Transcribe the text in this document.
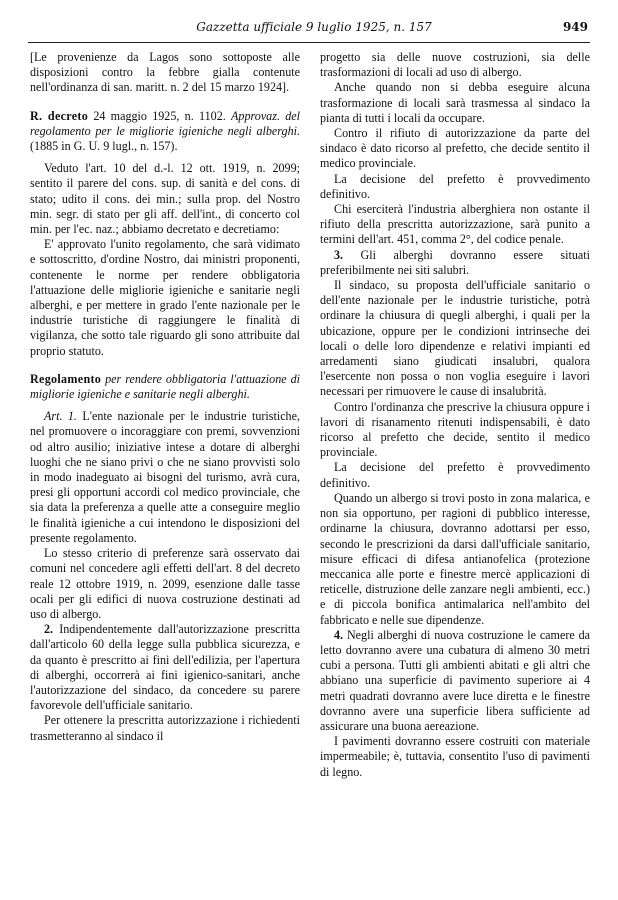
Gazzetta ufficiale 9 luglio 1925, n. 157	949

[Le provenienze da Lagos sono sottoposte alle disposizioni contro la febbre gialla contenute nell'ordinanza di san. maritt. n. 2 del 15 marzo 1924].

R. decreto 24 maggio 1925, n. 1102. Approvaz. del regolamento per le migliorie igieniche negli alberghi. (1885 in G. U. 9 lugl., n. 157).

Veduto l'art. 10 del d.-l. 12 ott. 1919, n. 2099; sentito il parere del cons. sup. di sanità e del cons. di stato; udito il cons. dei min.; sulla prop. del Nostro min. segr. di stato per gli aff. dell'int., di concerto col min. per l'ec. naz.; abbiamo decretato e decretiamo:

E' approvato l'unito regolamento, che sarà vidimato e sottoscritto, d'ordine Nostro, dai ministri proponenti, contenente le norme per rendere obbligatoria l'attuazione delle migliorie igieniche e sanitarie negli alberghi, e per mettere in grado l'ente nazionale per le industrie turistiche di raggiungere le finalità di vigilanza, che sotto tale riguardo gli sono attribuite dal proprio statuto.

Regolamento per rendere obbligatoria l'attuazione di migliorie igieniche e sanitarie negli alberghi.

Art. 1. L'ente nazionale per le industrie turistiche, nel promuovere o incoraggiare con premi, sovvenzioni od altro ausilio; iniziative intese a dotare di alberghi luoghi che ne siano privi o che ne siano provvisti solo in modo inadeguato ai bisogni del turismo, avrà cura, presi gli opportuni accordi col medico provinciale, che sia data la preferenza a quelle atte a conseguire meglio le finalità igieniche a cui intendono le disposizioni del presente regolamento.

Lo stesso criterio di preferenze sarà osservato dai comuni nel concedere agli effetti dell'art. 8 del decreto reale 12 ottobre 1919, n. 2099, esenzione dalle tasse ocali per gli edifici di nuova costruzione destinati ad uso di albergo.

2. Indipendentemente dall'autorizzazione prescritta dall'articolo 60 della legge sulla pubblica sicurezza, e da quanto è prescritto ai fini dell'edilizia, per l'apertura di alberghi, occorrerà ai fini igienico-sanitari, anche l'autorizzazione del sindaco, da concedere su parere favorevole dell'ufficiale sanitario.

Per ottenere la prescritta autorizzazione i richiedenti trasmetteranno al sindaco il

progetto sia delle nuove costruzioni, sia delle trasformazioni di locali ad uso di albergo.

Anche quando non si debba eseguire alcuna trasformazione di locali sarà trasmessa al sindaco la pianta di tutti i locali da occupare.

Contro il rifiuto di autorizzazione da parte del sindaco è dato ricorso al prefetto, che decide sentito il medico provinciale.

La decisione del prefetto è provvedimento definitivo.

Chi eserciterà l'industria alberghiera non ostante il rifiuto della prescritta autorizzazione, sarà punito a termini dell'art. 451, comma 2°, del codice penale.

3. Gli alberghi dovranno essere situati preferibilmente nei siti salubri.

Il sindaco, su proposta dell'ufficiale sanitario o dell'ente nazionale per le industrie turistiche, potrà ordinare la chiusura di quegli alberghi, i quali per la ubicazione, oppure per le condizioni intrinseche dei locali o delle loro dipendenze e relativi impianti ed arredamenti siano giudicati insalubri, qualora l'esercente non possa o non voglia eseguire i lavori necessari per rimuovere le cause di insalubrità.

Contro l'ordinanza che prescrive la chiusura oppure i lavori di risanamento ritenuti indispensabili, è dato ricorso al prefetto che decide, sentito il medico provinciale.

La decisione del prefetto è provvedimento definitivo.

Quando un albergo si trovi posto in zona malarica, e non sia opportuno, per ragioni di pubblico interesse, ordinarne la chiusura, dovranno adottarsi per esso, secondo le prescrizioni da darsi dall'ufficiale sanitario, misure efficaci di difesa antianofelica (protezione meccanica alle porte e finestre mercè applicazioni di reticelle, distruzione delle zanzare negli ambienti, ecc.) e di piccola bonifica antimalarica nell'ambito del fabbricato e nelle sue dipendenze.

4. Negli alberghi di nuova costruzione le camere da letto dovranno avere una cubatura di almeno 30 metri cubi a persona. Tutti gli ambienti abitati e gli altri che abbiano una superficie di pavimento superiore ai 4 metri quadrati dovranno avere luce diretta e le finestre dovranno avere una superficie libera sufficiente ad assicurare una buona aereazione.

I pavimenti dovranno essere costruiti con materiale impermeabile; è, tuttavia, consentito l'uso di pavimenti di legno.
